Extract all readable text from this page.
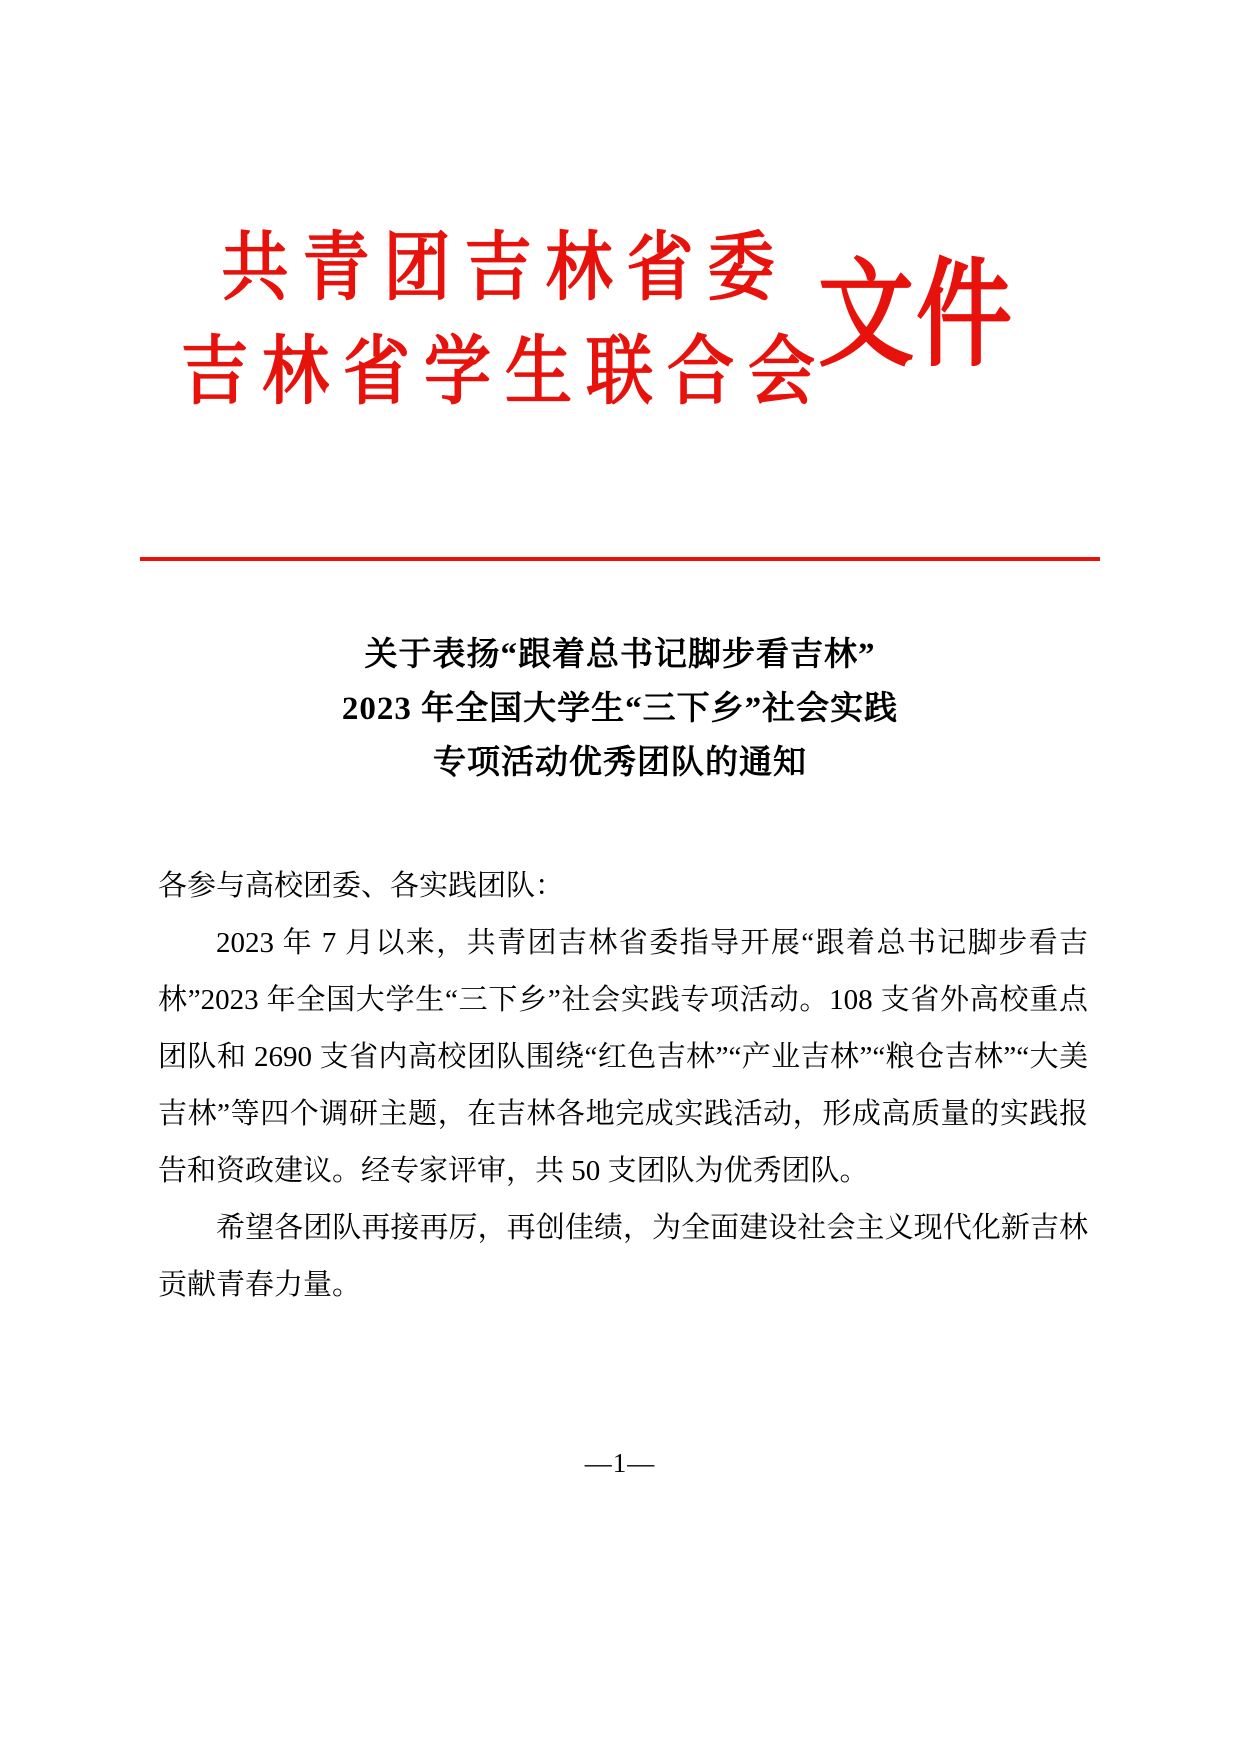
共青团吉林省委
吉林省学生联合会
文件
关于表扬“跟着总书记脚步看吉林”
2023 年全国大学生“三下乡”社会实践
专项活动优秀团队的通知

各参与高校团委、各实践团队：

2023 年 7 月以来，共青团吉林省委指导开展“跟着总书记脚步看吉林”2023 年全国大学生“三下乡”社会实践专项活动。108 支省外高校重点团队和 2690 支省内高校团队围绕“红色吉林”“产业吉林”“粮仓吉林”“大美吉林”等四个调研主题，在吉林各地完成实践活动，形成高质量的实践报告和资政建议。经专家评审，共 50 支团队为优秀团队。

希望各团队再接再厉，再创佳绩，为全面建设社会主义现代化新吉林贡献青春力量。

—1—
